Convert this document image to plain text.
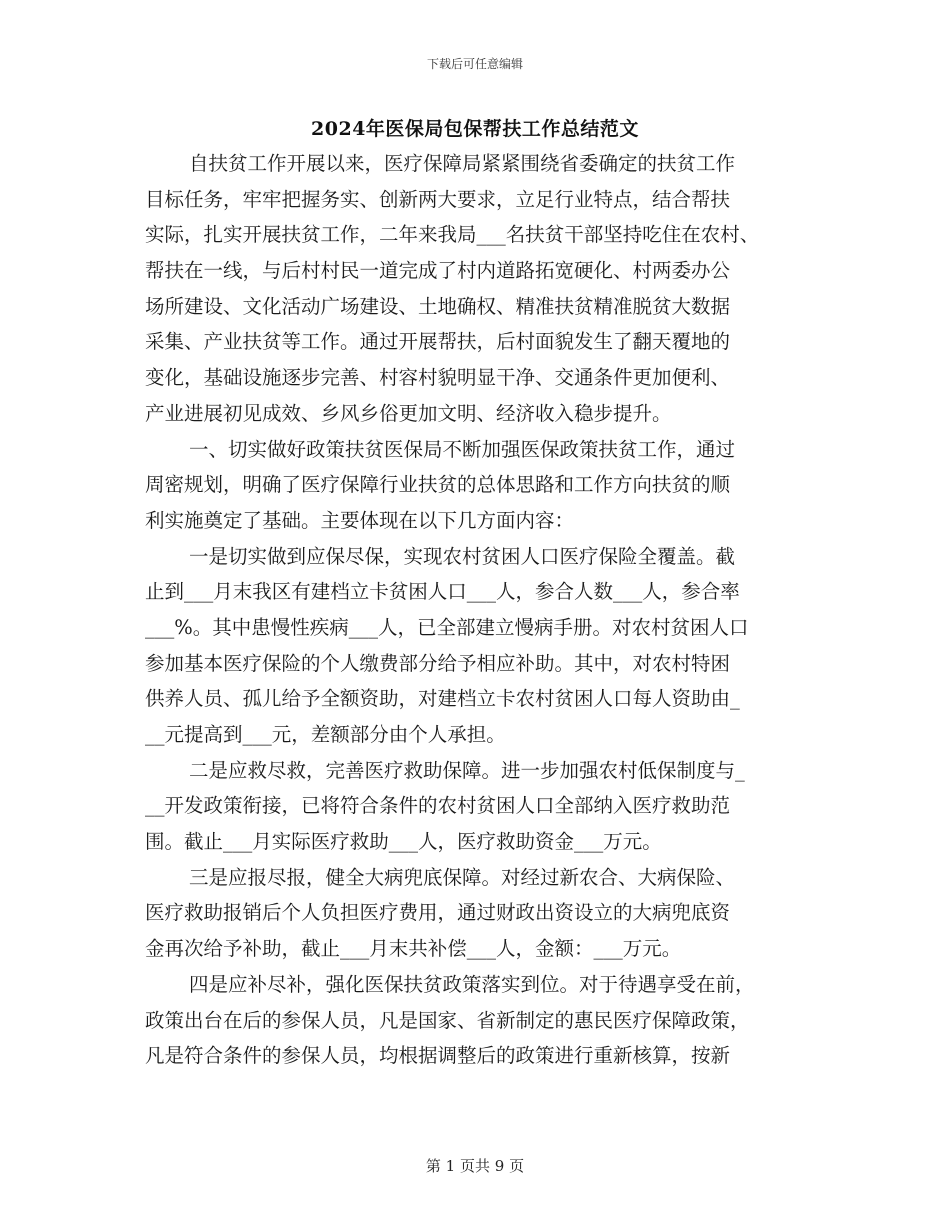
下载后可任意编辑
2024年医保局包保帮扶工作总结范文
自扶贫工作开展以来，医疗保障局紧紧围绕省委确定的扶贫工作
目标任务，牢牢把握务实、创新两大要求，立足行业特点，结合帮扶
实际，扎实开展扶贫工作，二年来我局___名扶贫干部坚持吃住在农村、
帮扶在一线，与后村村民一道完成了村内道路拓宽硬化、村两委办公
场所建设、文化活动广场建设、土地确权、精准扶贫精准脱贫大数据
采集、产业扶贫等工作。通过开展帮扶，后村面貌发生了翻天覆地的
变化，基础设施逐步完善、村容村貌明显干净、交通条件更加便利、
产业进展初见成效、乡风乡俗更加文明、经济收入稳步提升。
一、切实做好政策扶贫医保局不断加强医保政策扶贫工作，通过
周密规划，明确了医疗保障行业扶贫的总体思路和工作方向扶贫的顺
利实施奠定了基础。主要体现在以下几方面内容：
一是切实做到应保尽保，实现农村贫困人口医疗保险全覆盖。截
止到___月末我区有建档立卡贫困人口___人，参合人数___人，参合率
___%。其中患慢性疾病___人，已全部建立慢病手册。对农村贫困人口
参加基本医疗保险的个人缴费部分给予相应补助。其中，对农村特困
供养人员、孤儿给予全额资助，对建档立卡农村贫困人口每人资助由_
__元提高到___元，差额部分由个人承担。
二是应救尽救，完善医疗救助保障。进一步加强农村低保制度与_
__开发政策衔接，已将符合条件的农村贫困人口全部纳入医疗救助范
围。截止___月实际医疗救助___人，医疗救助资金___万元。
三是应报尽报，健全大病兜底保障。对经过新农合、大病保险、
医疗救助报销后个人负担医疗费用，通过财政出资设立的大病兜底资
金再次给予补助，截止___月末共补偿___人，金额：___万元。
四是应补尽补，强化医保扶贫政策落实到位。对于待遇享受在前，
政策出台在后的参保人员，凡是国家、省新制定的惠民医疗保障政策，
凡是符合条件的参保人员，均根据调整后的政策进行重新核算，按新
第 1 页共 9 页
